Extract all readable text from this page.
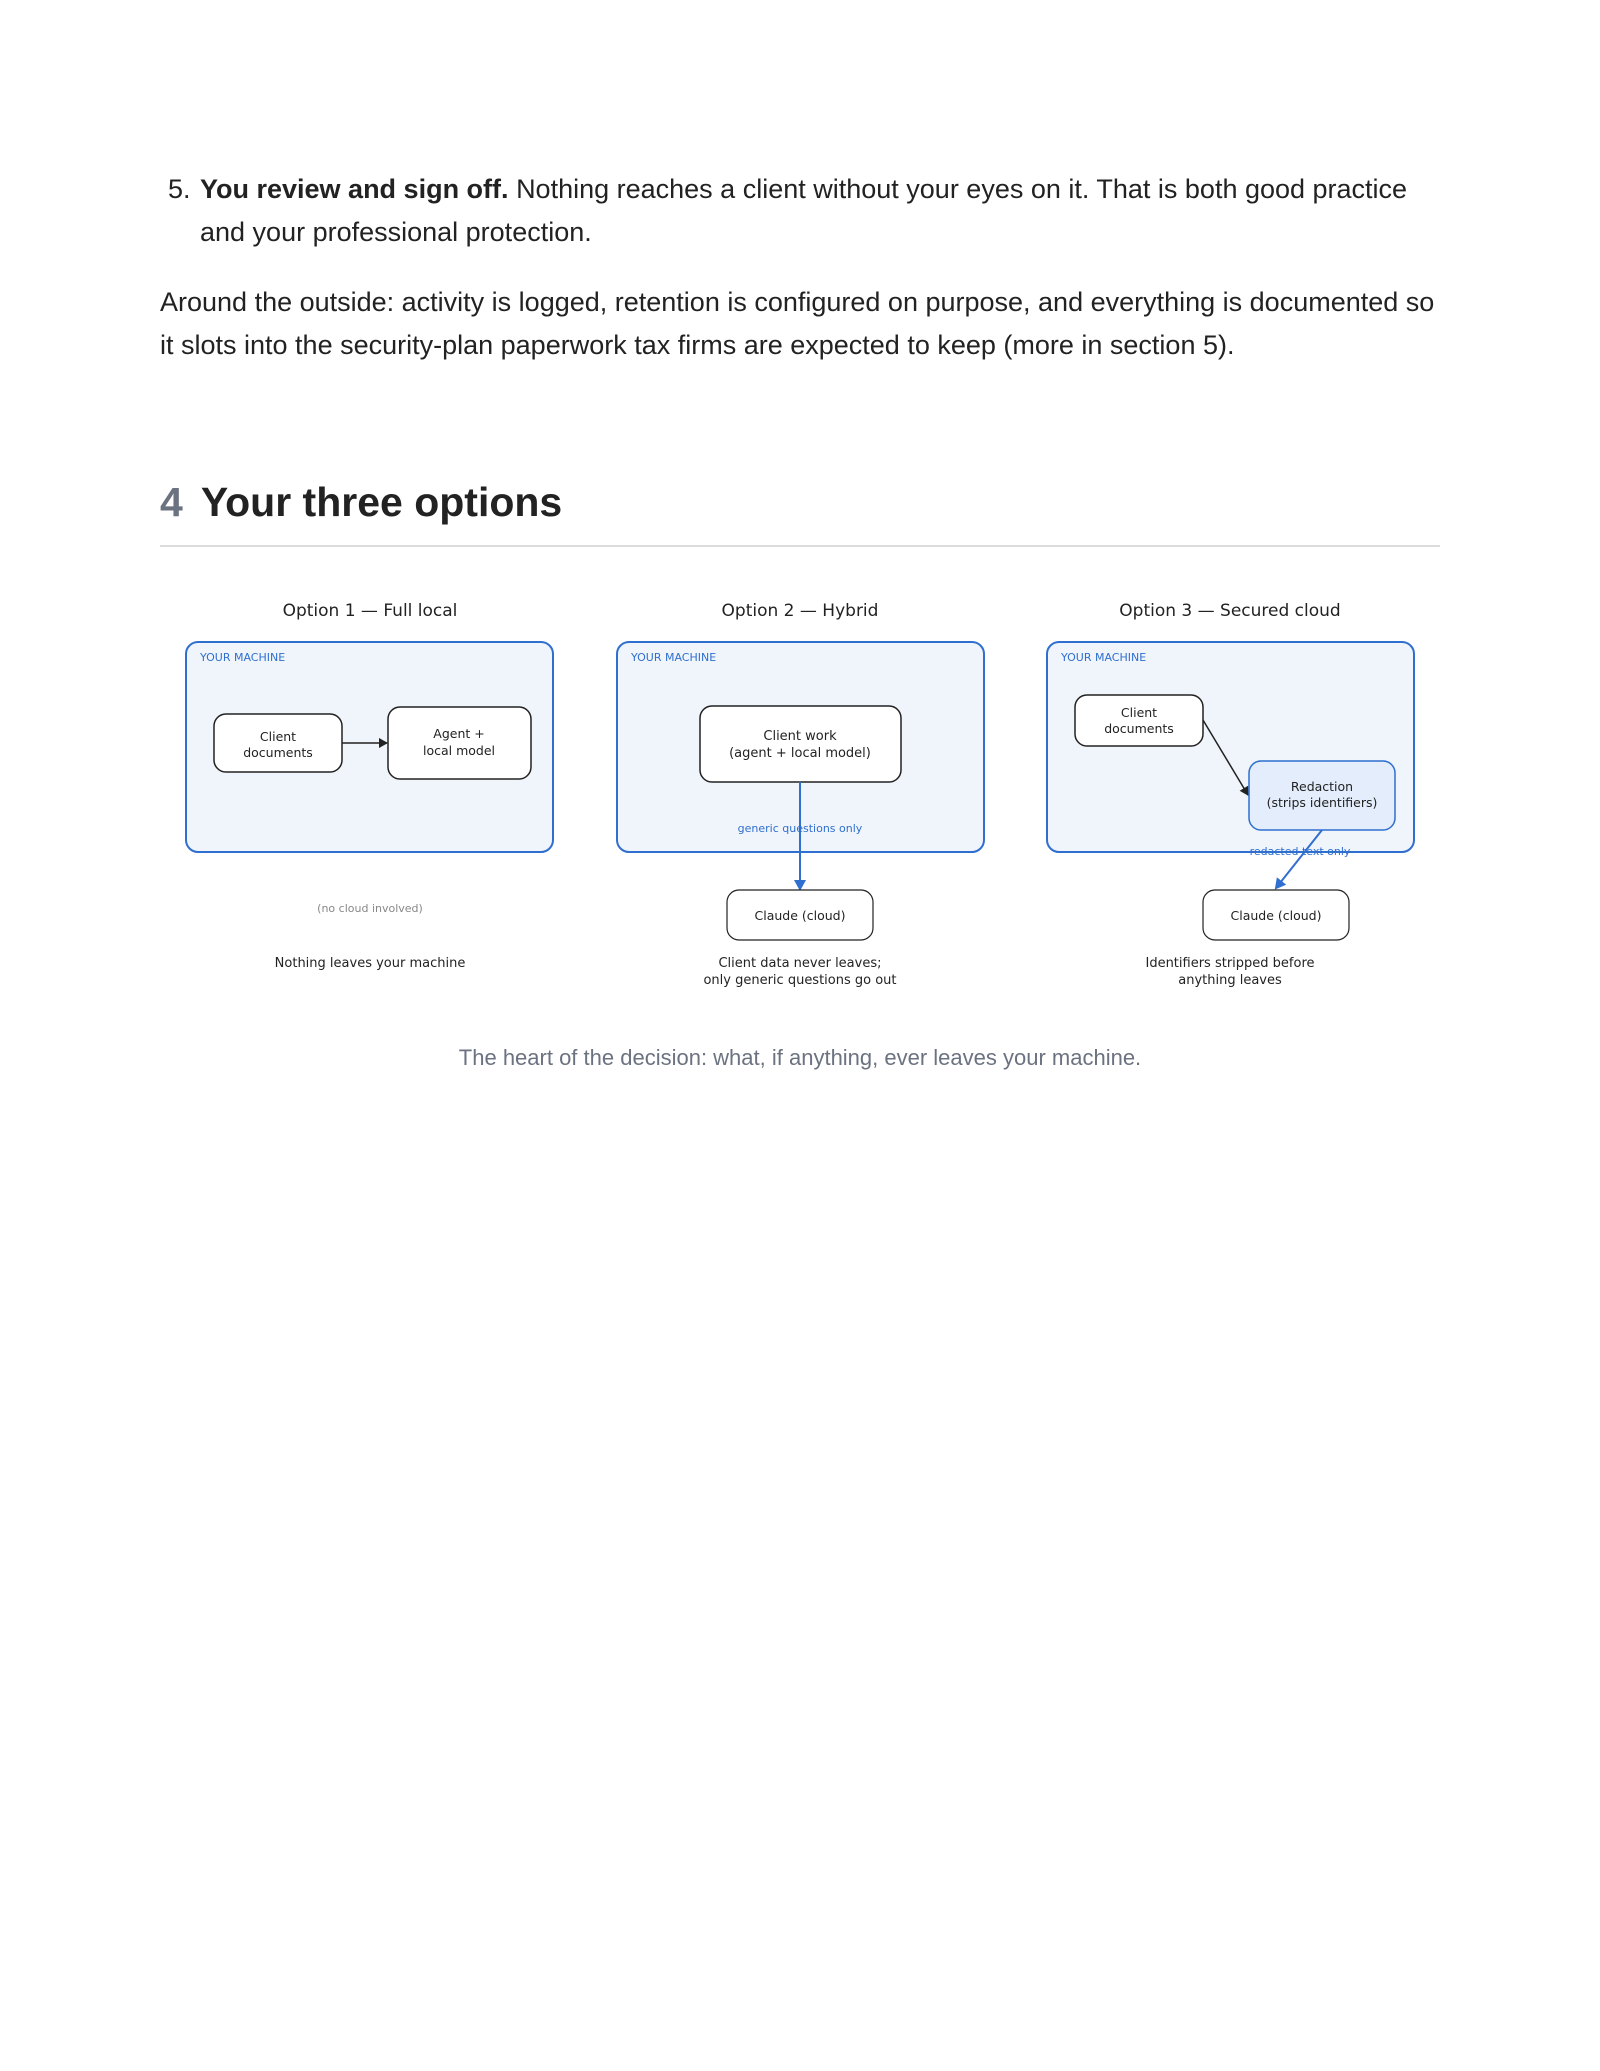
5. You review and sign off. Nothing reaches a client without your eyes on it. That is both good practice and your professional protection.

Around the outside: activity is logged, retention is configured on purpose, and everything is documented so it slots into the security-plan paperwork tax firms are expected to keep (more in section 5).

4 Your three options
Option 1 — Full local
YOUR MACHINE
Client
documents
Agent +
local model
(no cloud involved)
Nothing leaves your machine
Option 2 — Hybrid
YOUR MACHINE
Client work
(agent + local model)
generic questions only
Claude (cloud)
Client data never leaves;
only generic questions go out
Option 3 — Secured cloud
YOUR MACHINE
Client
documents
Redaction
(strips identifiers)
redacted text only
Claude (cloud)
Identifiers stripped before
anything leaves
The heart of the decision: what, if anything, ever leaves your machine.
